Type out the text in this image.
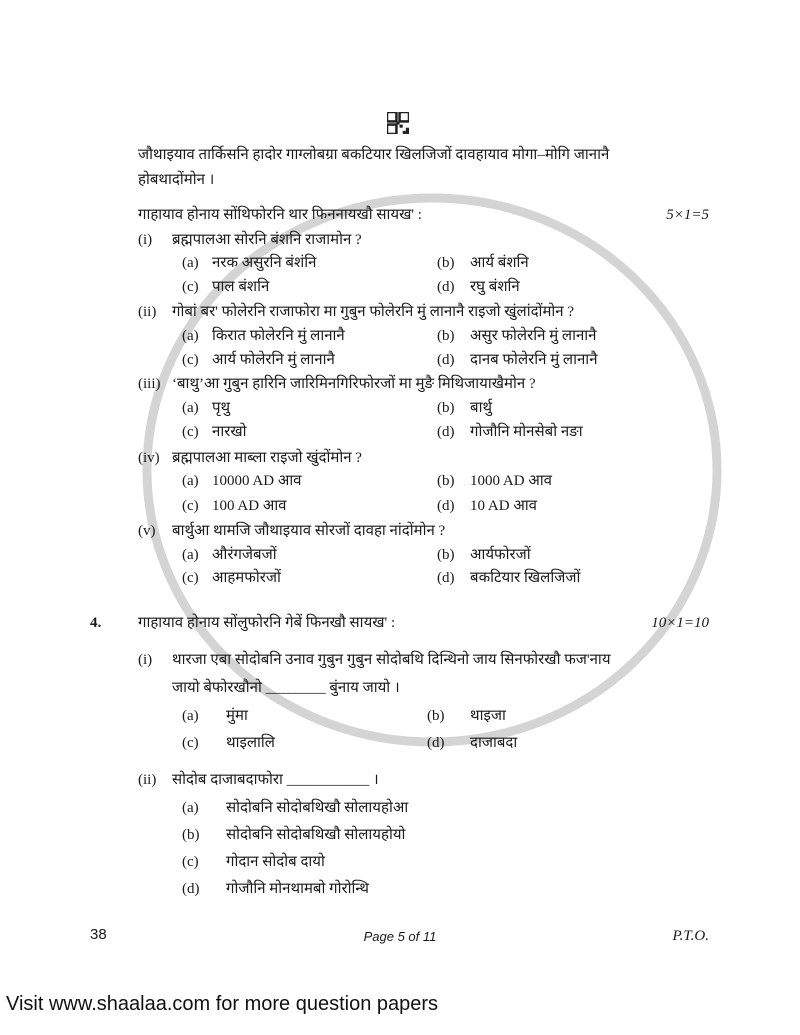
जौथाइयाव तार्किसनि हादोर गाग्लोबग्रा बकटियार खिलजिजों दावहायाव मोगा–मोगि जानानै
होबथादोंमोन ।
गाहायाव होनाय सोंथिफोरनि थार फिननायखौ सायख' :	5×1=5
(i) ब्रह्मपालआ सोरनि बंशनि राजामोन ?
(a) नरक असुरनि बंशंनि	(b) आर्य बंशनि
(c) पाल बंशनि	(d) रघु बंशनि
(ii) गोबां बर' फोलेरनि राजाफोरा मा गुबुन फोलेरनि मुं लानानै राइजो खुंलांदोंमोन ?
(a) किरात फोलेरनि मुं लानानै	(b) असुर फोलेरनि मुं लानानै
(c) आर्य फोलेरनि मुं लानानै	(d) दानब फोलेरनि मुं लानानै
(iii) ‘बाथु’आ गुबुन हारिनि जारिमिनगिरिफोरजों मा मुङै मिथिजायाखैमोन ?
(a) पृथु	(b) बार्थु
(c) नारखो	(d) गोजौनि मोनसेबो नङा
(iv) ब्रह्मपालआ माब्ला राइजो खुंदोंमोन ?
(a) 10000 AD आव	(b) 1000 AD आव
(c) 100 AD आव	(d) 10 AD आव
(v) बार्थुआ थामजि जौथाइयाव सोरजों दावहा नांदोंमोन ?
(a) औरंगजेबजों	(b) आर्यफोरजों
(c) आहमफोरजों	(d) बकटियार खिलजिजों
4. गाहायाव होनाय सोंलुफोरनि गेबें फिनखौ सायख' :	10×1=10
(i) थारजा एबा सोदोबनि उनाव गुबुन गुबुन सोदोबथि दिन्थिनो जाय सिनफोरखौ फज'नाय
जायो बेफोरखौनो ________ बुंनाय जायो ।
(a) मुंमा	(b) थाइजा
(c) थाइलालि	(d) दाजाबदा
(ii) सोदोब दाजाबदाफोरा ___________ ।
(a) सोदोबनि सोदोबथिखौ सोलायहोआ
(b) सोदोबनि सोदोबथिखौ सोलायहोयो
(c) गोदान सोदोब दायो
(d) गोजौनि मोनथामबो गोरोन्थि
38	Page 5 of 11	P.T.O.
Visit www.shaalaa.com for more question papers
